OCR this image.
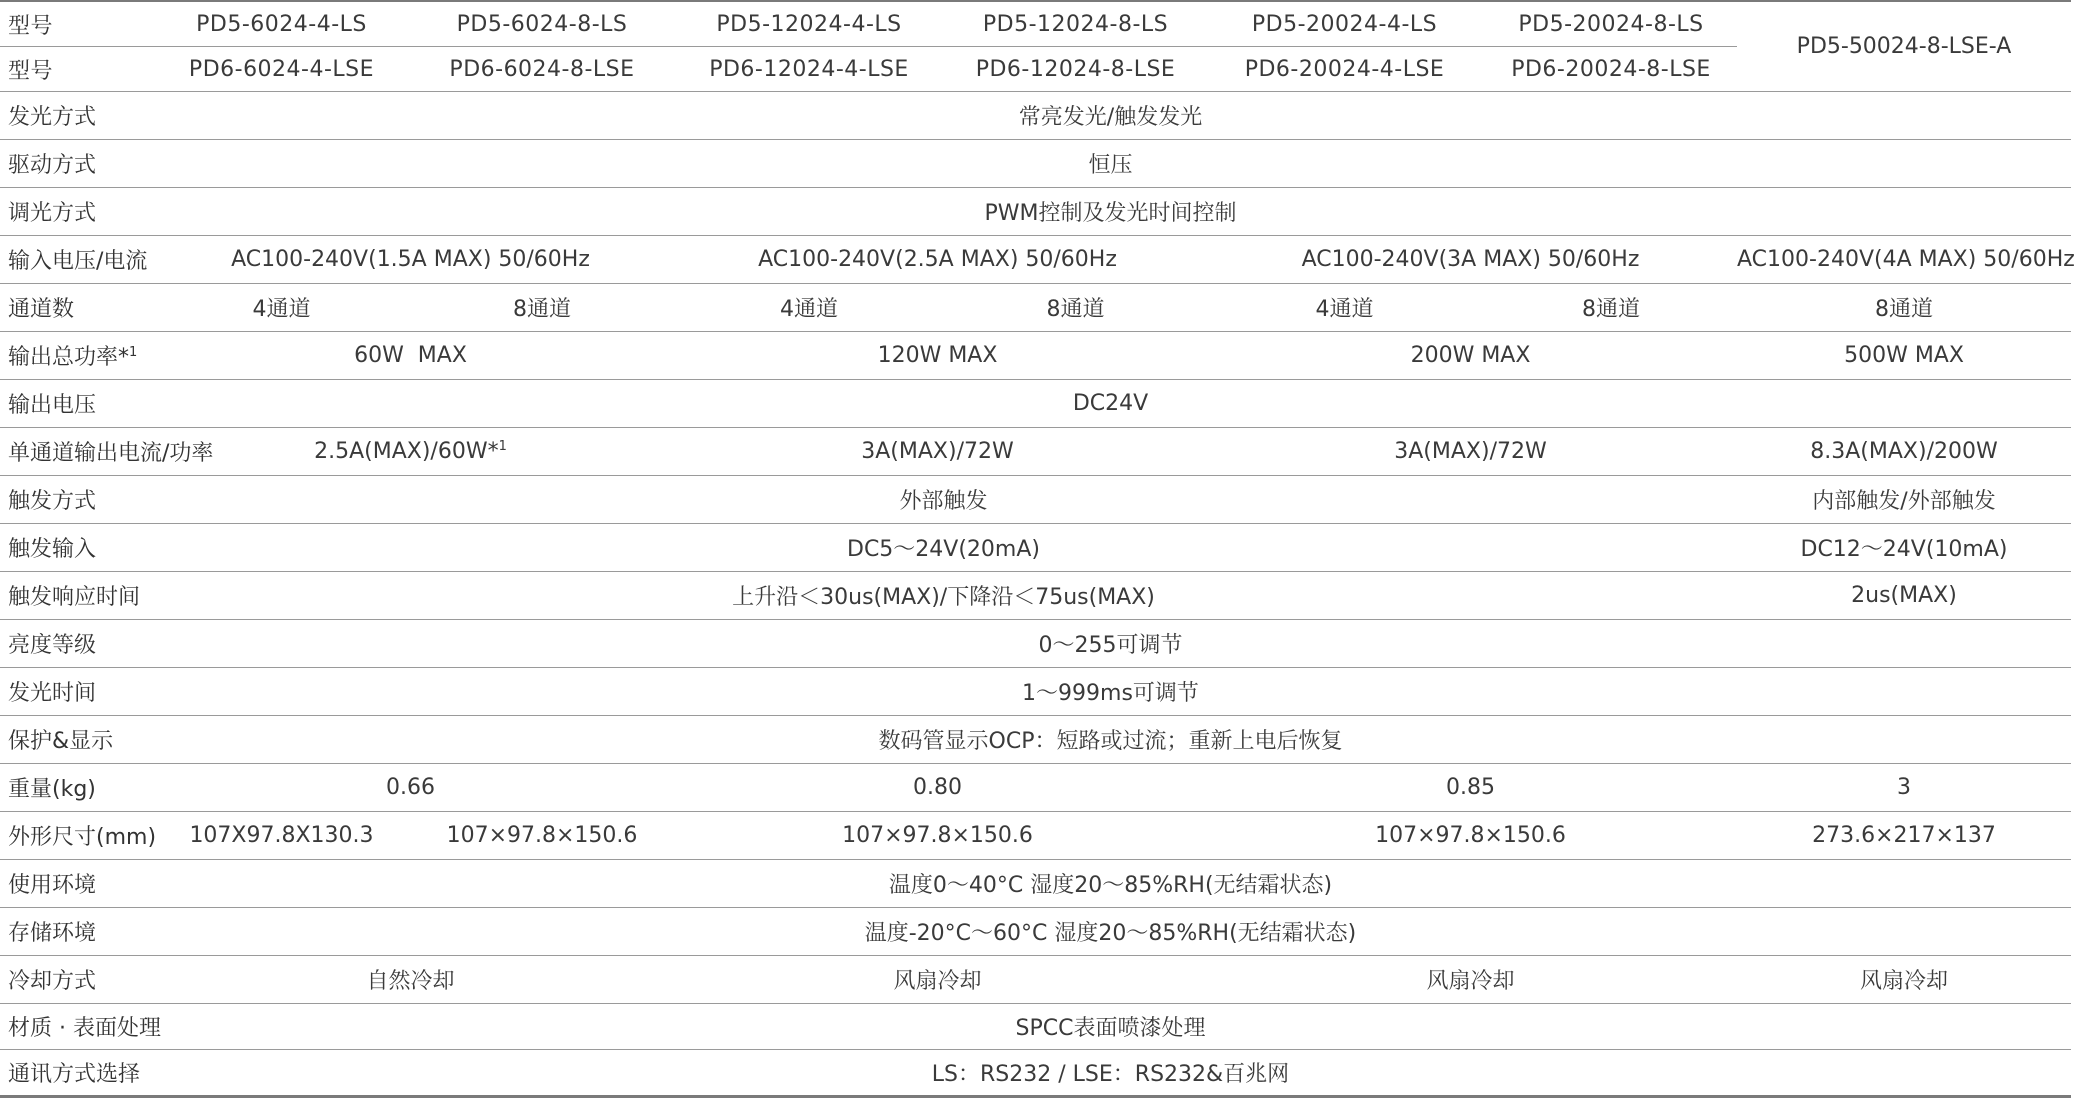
型号	PD5-6024-4-LS	PD5-6024-8-LS	PD5-12024-4-LS	PD5-12024-8-LS	PD5-20024-4-LS	PD5-20024-8-LS	PD5-50024-8-LSE-A
型号	PD6-6024-4-LSE	PD6-6024-8-LSE	PD6-12024-4-LSE	PD6-12024-8-LSE	PD6-20024-4-LSE	PD6-20024-8-LSE	
发光方式	常亮发光/触发发光						
驱动方式	恒压						
调光方式	PWM控制及发光时间控制						
输入电压/电流	AC100-240V(1.5A MAX) 50/60Hz		AC100-240V(2.5A MAX) 50/60Hz		AC100-240V(3A MAX) 50/60Hz		AC100-240V(4A MAX) 50/60Hz
通道数	4通道	8通道	4通道	8通道	4通道	8通道	8通道
输出总功率*$^1$	60W  MAX		120W MAX		200W MAX		500W MAX
输出电压	DC24V						
单通道输出电流/功率	2.5A(MAX)/60W*$^1$		3A(MAX)/72W		3A(MAX)/72W		8.3A(MAX)/200W
触发方式	外部触发						内部触发/外部触发
触发输入	DC5～24V(20mA)						DC12～24V(10mA)
触发响应时间	上升沿＜30us(MAX)/下降沿＜75us(MAX)						2us(MAX)
亮度等级	0～255可调节						
发光时间	1～999ms可调节						
保护&显示	数码管显示OCP：短路或过流；重新上电后恢复						
重量(kg)	0.66		0.80		0.85		3
外形尺寸(mm)	107X97.8X130.3	107×97.8×150.6	107×97.8×150.6		107×97.8×150.6		273.6×217×137
使用环境	温度0～40°C 湿度20～85%RH(无结霜状态)						
存储环境	温度-20°C～60°C 湿度20～85%RH(无结霜状态)						
冷却方式	自然冷却		风扇冷却		风扇冷却		风扇冷却
材质 · 表面处理	SPCC表面喷漆处理						
通讯方式选择	LS：RS232 / LSE：RS232&百兆网						
